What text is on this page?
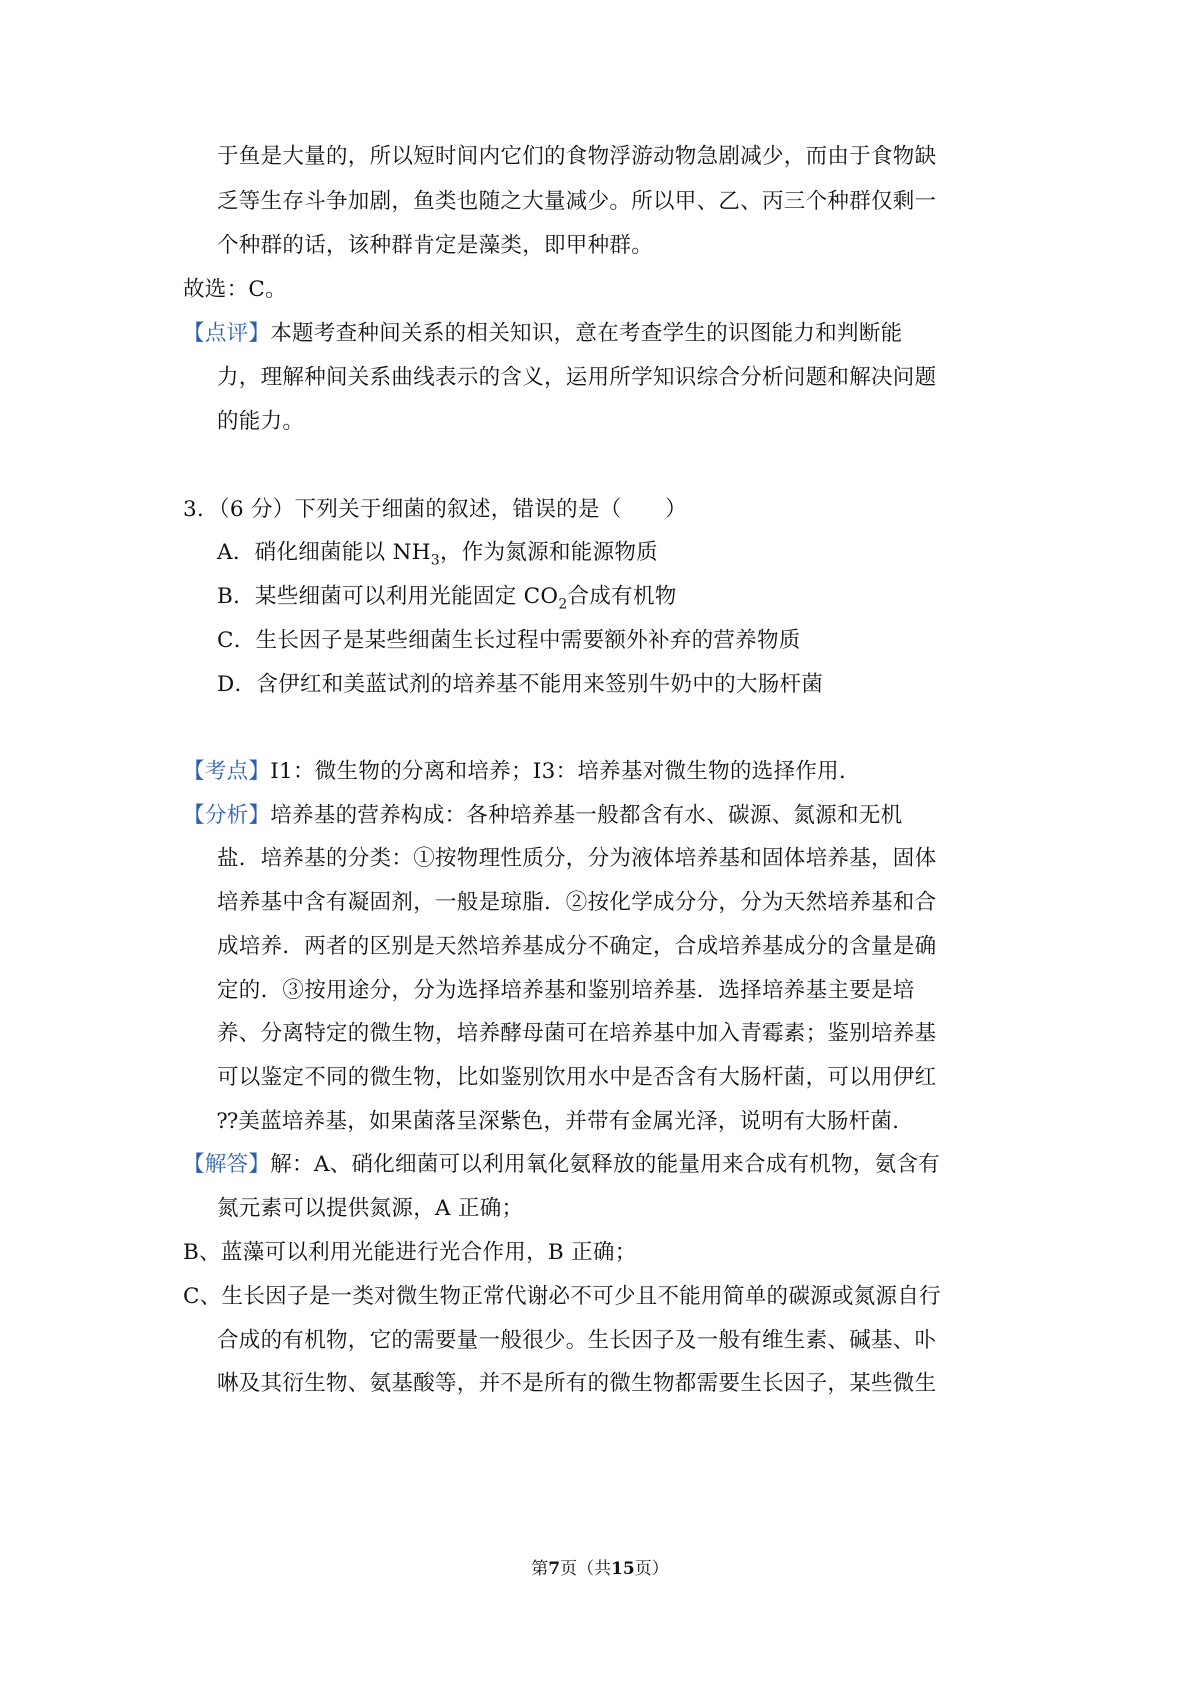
于鱼是大量的，所以短时间内它们的食物浮游动物急剧减少，而由于食物缺

乏等生存斗争加剧，鱼类也随之大量减少。所以甲、乙、丙三个种群仅剩一

个种群的话，该种群肯定是藻类，即甲种群。

故选：C。

【点评】本题考查种间关系的相关知识，意在考查学生的识图能力和判断能

力，理解种间关系曲线表示的含义，运用所学知识综合分析问题和解决问题

的能力。

3．（6 分）下列关于细菌的叙述，错误的是（　　）

A．硝化细菌能以 $NH_3$，作为氮源和能源物质

B．某些细菌可以利用光能固定 $CO_2$合成有机物

C．生长因子是某些细菌生长过程中需要额外补弃的营养物质

D．含伊红和美蓝试剂的培养基不能用来签别牛奶中的大肠杆菌

【考点】I1：微生物的分离和培养；I3：培养基对微生物的选择作用．

【分析】培养基的营养构成：各种培养基一般都含有水、碳源、氮源和无机

盐．培养基的分类：①按物理性质分，分为液体培养基和固体培养基，固体

培养基中含有凝固剂，一般是琼脂．②按化学成分分，分为天然培养基和合

成培养．两者的区别是天然培养基成分不确定，合成培养基成分的含量是确

定的．③按用途分，分为选择培养基和鉴别培养基．选择培养基主要是培

养、分离特定的微生物，培养酵母菌可在培养基中加入青霉素；鉴别培养基

可以鉴定不同的微生物，比如鉴别饮用水中是否含有大肠杆菌，可以用伊红

⁇美蓝培养基，如果菌落呈深紫色，并带有金属光泽，说明有大肠杆菌．

【解答】解：A、硝化细菌可以利用氧化氨释放的能量用来合成有机物，氨含有

氮元素可以提供氮源，A 正确；

B、蓝藻可以利用光能进行光合作用，B 正确；

C、生长因子是一类对微生物正常代谢必不可少且不能用简单的碳源或氮源自行

合成的有机物，它的需要量一般很少。生长因子及一般有维生素、碱基、卟

啉及其衍生物、氨基酸等，并不是所有的微生物都需要生长因子，某些微生

第7页（共15页）
